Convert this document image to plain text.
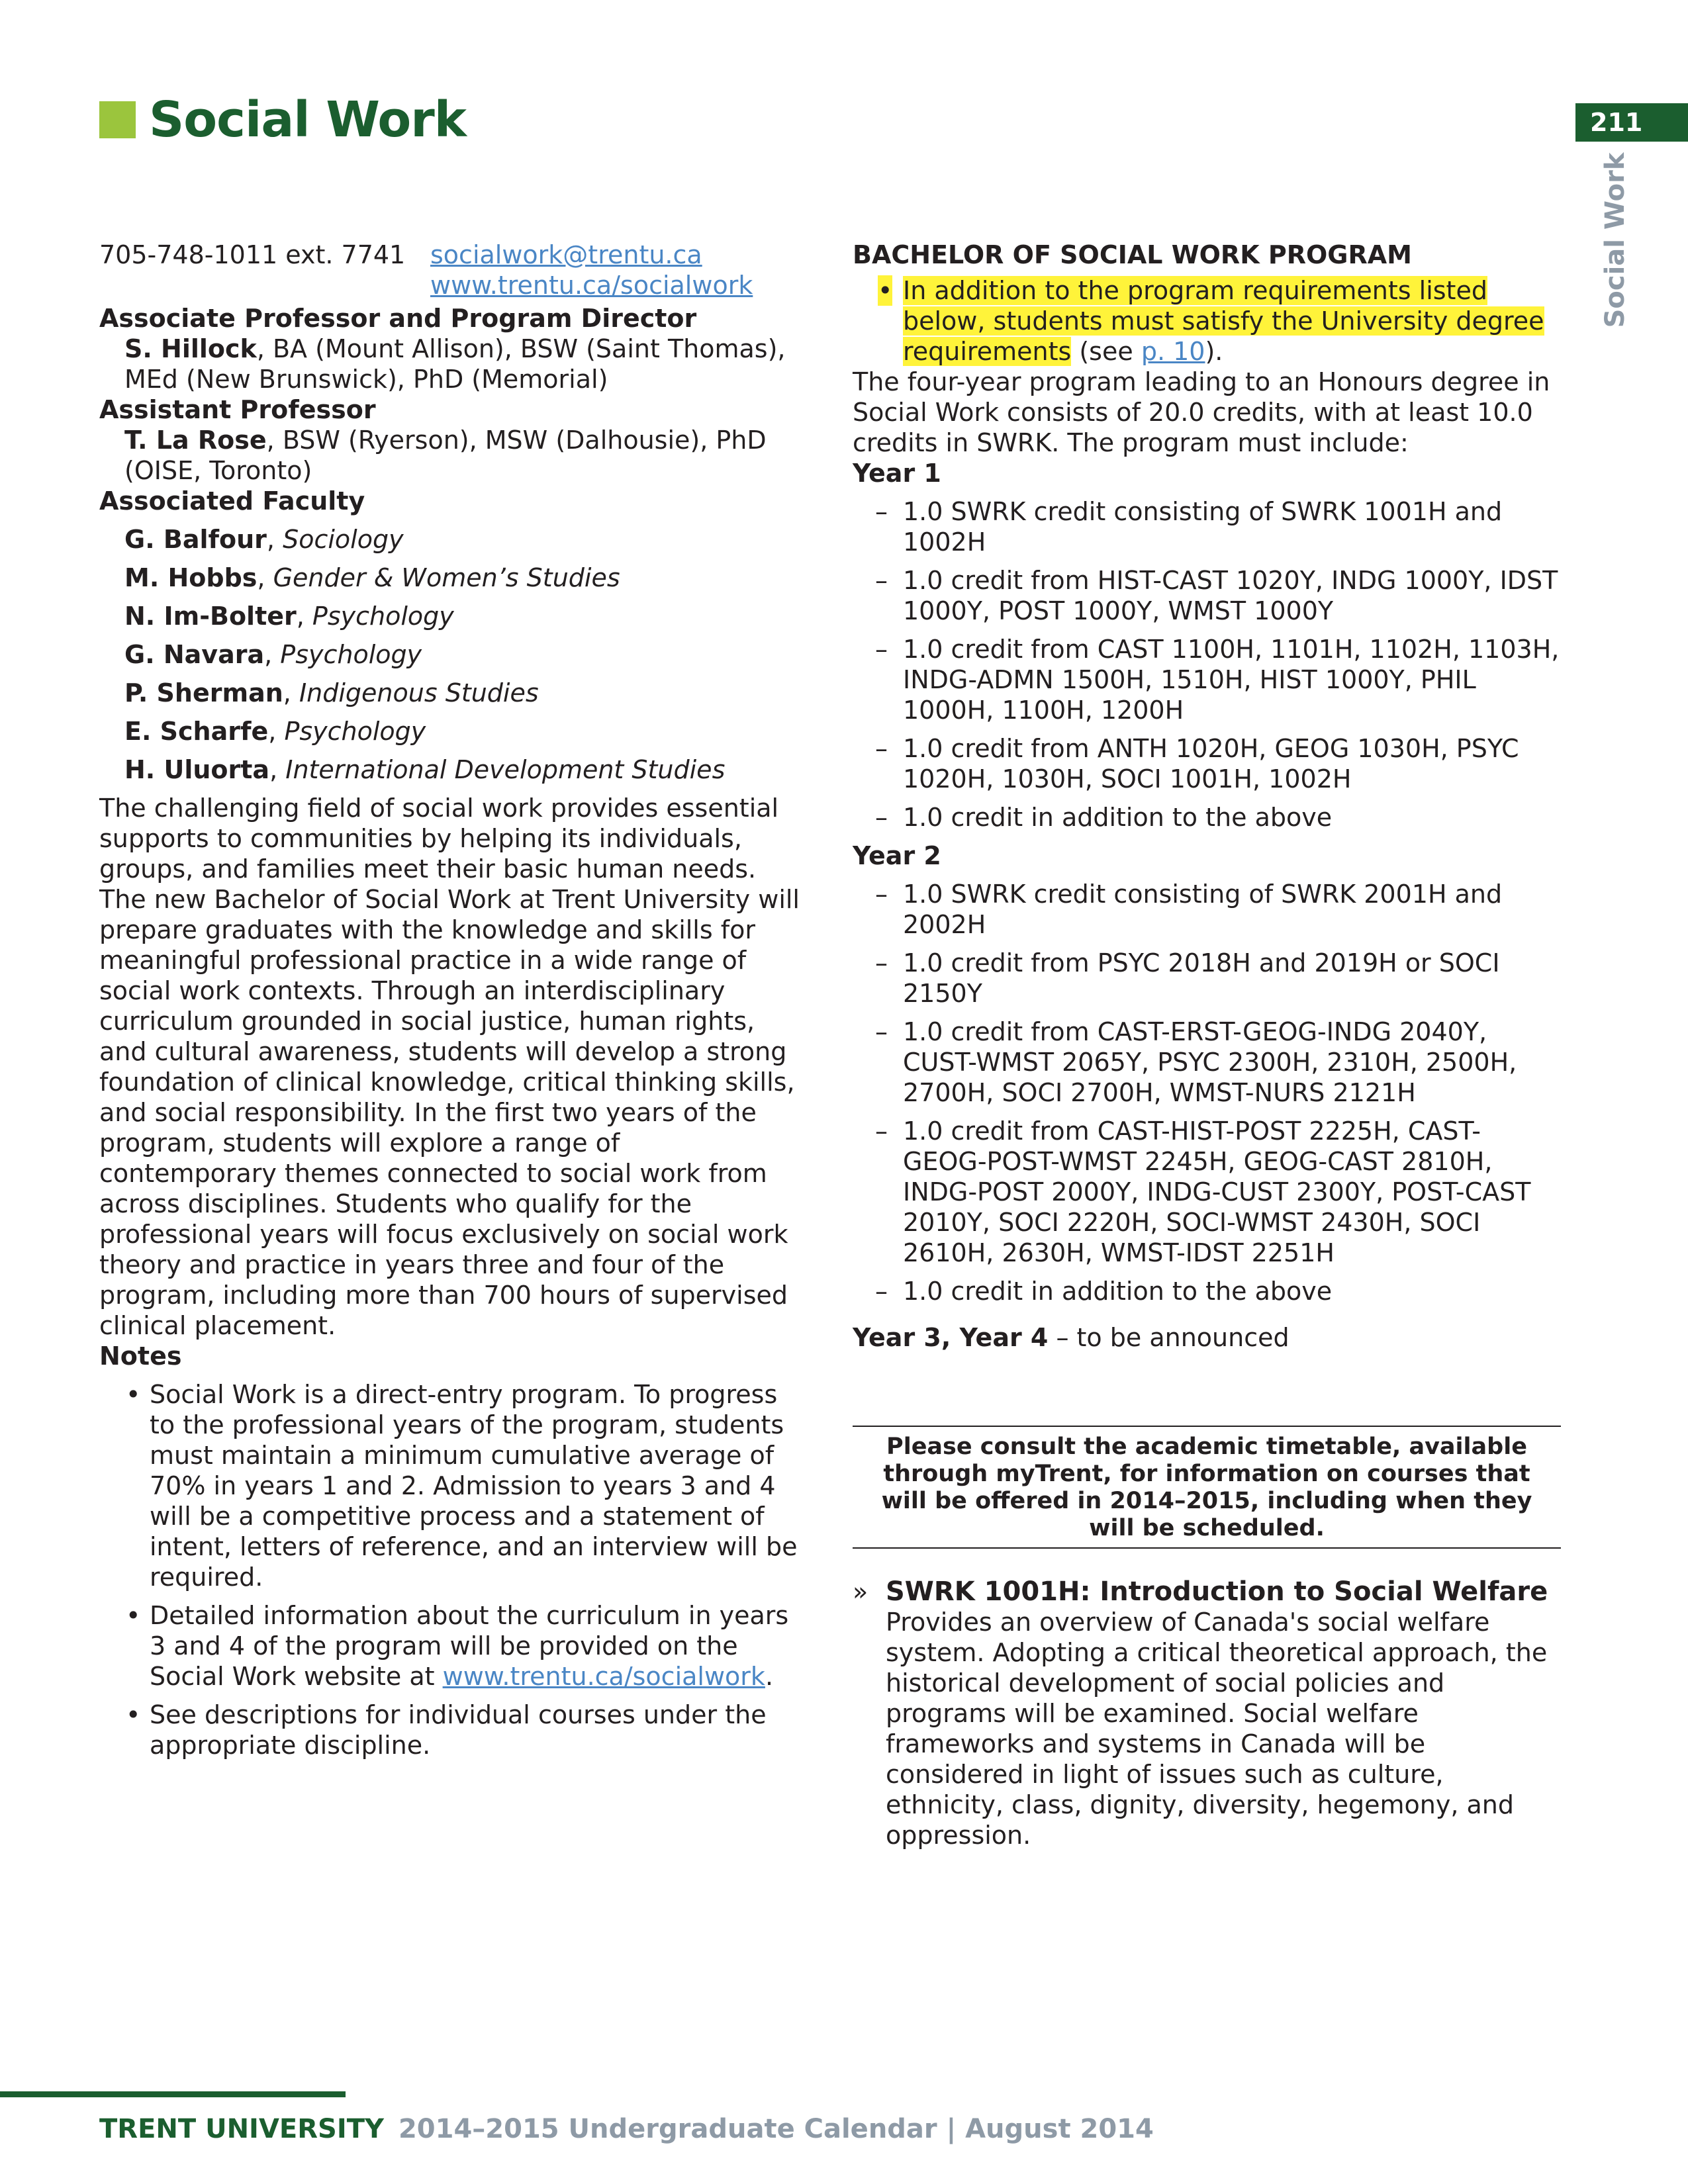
Social Work	211
Social Work
705-748-1011 ext. 7741 socialwork@trentu.ca
www.trentu.ca/socialwork
Associate Professor and Program Director
S. Hillock, BA (Mount Allison), BSW (Saint Thomas), MEd (New Brunswick), PhD (Memorial)
Assistant Professor
T. La Rose, BSW (Ryerson), MSW (Dalhousie), PhD (OISE, Toronto)
Associated Faculty
G. Balfour, Sociology
M. Hobbs, Gender & Women’s Studies
N. Im-Bolter, Psychology
G. Navara, Psychology
P. Sherman, Indigenous Studies
E. Scharfe, Psychology
H. Uluorta, International Development Studies

The challenging field of social work provides essential supports to communities by helping its individuals, groups, and families meet their basic human needs. The new Bachelor of Social Work at Trent University will prepare graduates with the knowledge and skills for meaningful professional practice in a wide range of social work contexts. Through an interdisciplinary curriculum grounded in social justice, human rights, and cultural awareness, students will develop a strong foundation of clinical knowledge, critical thinking skills, and social responsibility. In the first two years of the program, students will explore a range of contemporary themes connected to social work from across disciplines. Students who qualify for the professional years will focus exclusively on social work theory and practice in years three and four of the program, including more than 700 hours of supervised clinical placement.

Notes
• Social Work is a direct-entry program. To progress to the professional years of the program, students must maintain a minimum cumulative average of 70% in years 1 and 2. Admission to years 3 and 4 will be a competitive process and a statement of intent, letters of reference, and an interview will be required.
• Detailed information about the curriculum in years 3 and 4 of the program will be provided on the Social Work website at www.trentu.ca/socialwork.
• See descriptions for individual courses under the appropriate discipline.
BACHELOR OF SOCIAL WORK PROGRAM
• In addition to the program requirements listed below, students must satisfy the University degree requirements (see p. 10).

The four-year program leading to an Honours degree in Social Work consists of 20.0 credits, with at least 10.0 credits in SWRK. The program must include:

Year 1
– 1.0 SWRK credit consisting of SWRK 1001H and 1002H
– 1.0 credit from HIST-CAST 1020Y, INDG 1000Y, IDST 1000Y, POST 1000Y, WMST 1000Y
– 1.0 credit from CAST 1100H, 1101H, 1102H, 1103H, INDG-ADMN 1500H, 1510H, HIST 1000Y, PHIL 1000H, 1100H, 1200H
– 1.0 credit from ANTH 1020H, GEOG 1030H, PSYC 1020H, 1030H, SOCI 1001H, 1002H
– 1.0 credit in addition to the above
Year 2
– 1.0 SWRK credit consisting of SWRK 2001H and 2002H
– 1.0 credit from PSYC 2018H and 2019H or SOCI 2150Y
– 1.0 credit from CAST-ERST-GEOG-INDG 2040Y, CUST-WMST 2065Y, PSYC 2300H, 2310H, 2500H, 2700H, SOCI 2700H, WMST-NURS 2121H
– 1.0 credit from CAST-HIST-POST 2225H, CAST-GEOG-POST-WMST 2245H, GEOG-CAST 2810H, INDG-POST 2000Y, INDG-CUST 2300Y, POST-CAST 2010Y, SOCI 2220H, SOCI-WMST 2430H, SOCI 2610H, 2630H, WMST-IDST 2251H
– 1.0 credit in addition to the above
Year 3, Year 4 – to be announced
Please consult the academic timetable, available through myTrent, for information on courses that will be offered in 2014–2015, including when they will be scheduled.
» SWRK 1001H: Introduction to Social Welfare
Provides an overview of Canada's social welfare system. Adopting a critical theoretical approach, the historical development of social policies and programs will be examined. Social welfare frameworks and systems in Canada will be considered in light of issues such as culture, ethnicity, class, dignity, diversity, hegemony, and oppression.
TRENT UNIVERSITY 2014–2015 Undergraduate Calendar | August 2014
